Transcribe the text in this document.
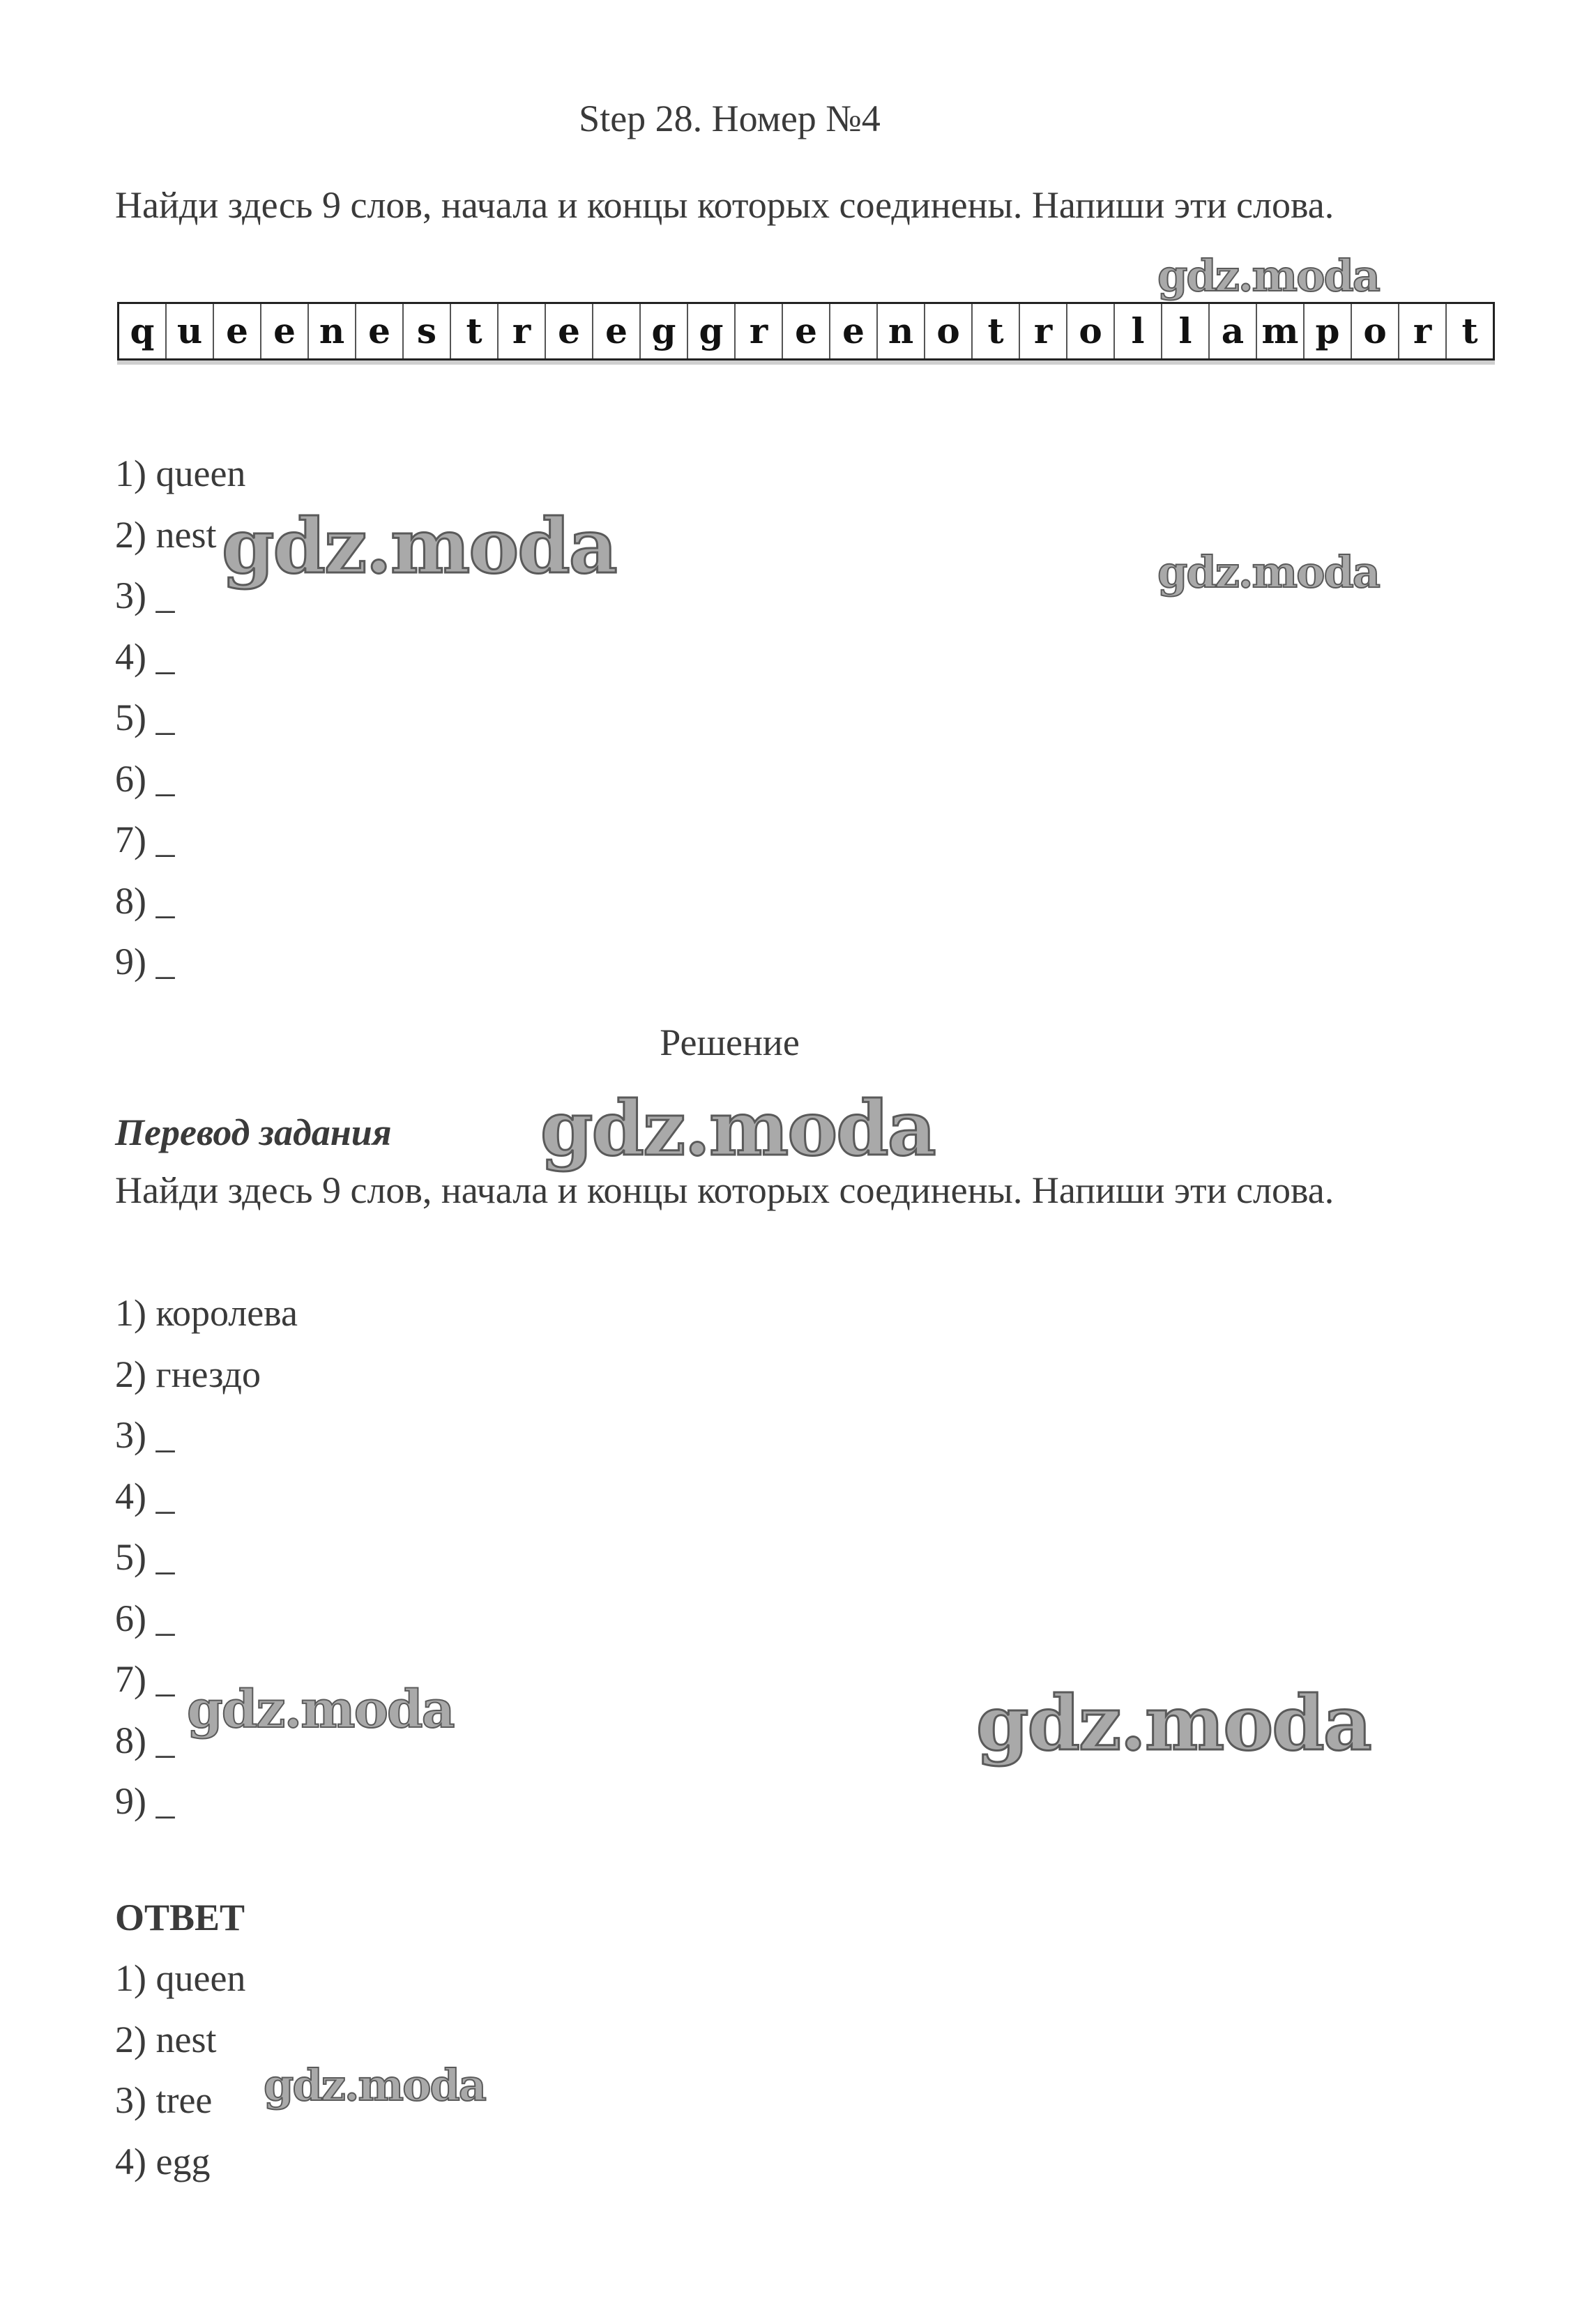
Step 28. Номер №4

Найди здесь 9 слов, начала и концы которых соединены. Напиши эти слова.

q u e e n e s t r e e g g r e e n o t r o l l a m p o r t
1) queen
2) nest
3) _
4) _
5) _
6) _
7) _
8) _
9) _
Решение
Перевод задания

Найди здесь 9 слов, начала и концы которых соединены. Напиши эти слова.

1) королева
2) гнездо
3) _
4) _
5) _
6) _
7) _
8) _
9) _
ОТВЕТ
1) queen
2) nest
3) tree
4) egg
gdz.moda
gdz.moda	gdz.moda
gdz.moda
gdz.moda	gdz.moda
gdz.moda
